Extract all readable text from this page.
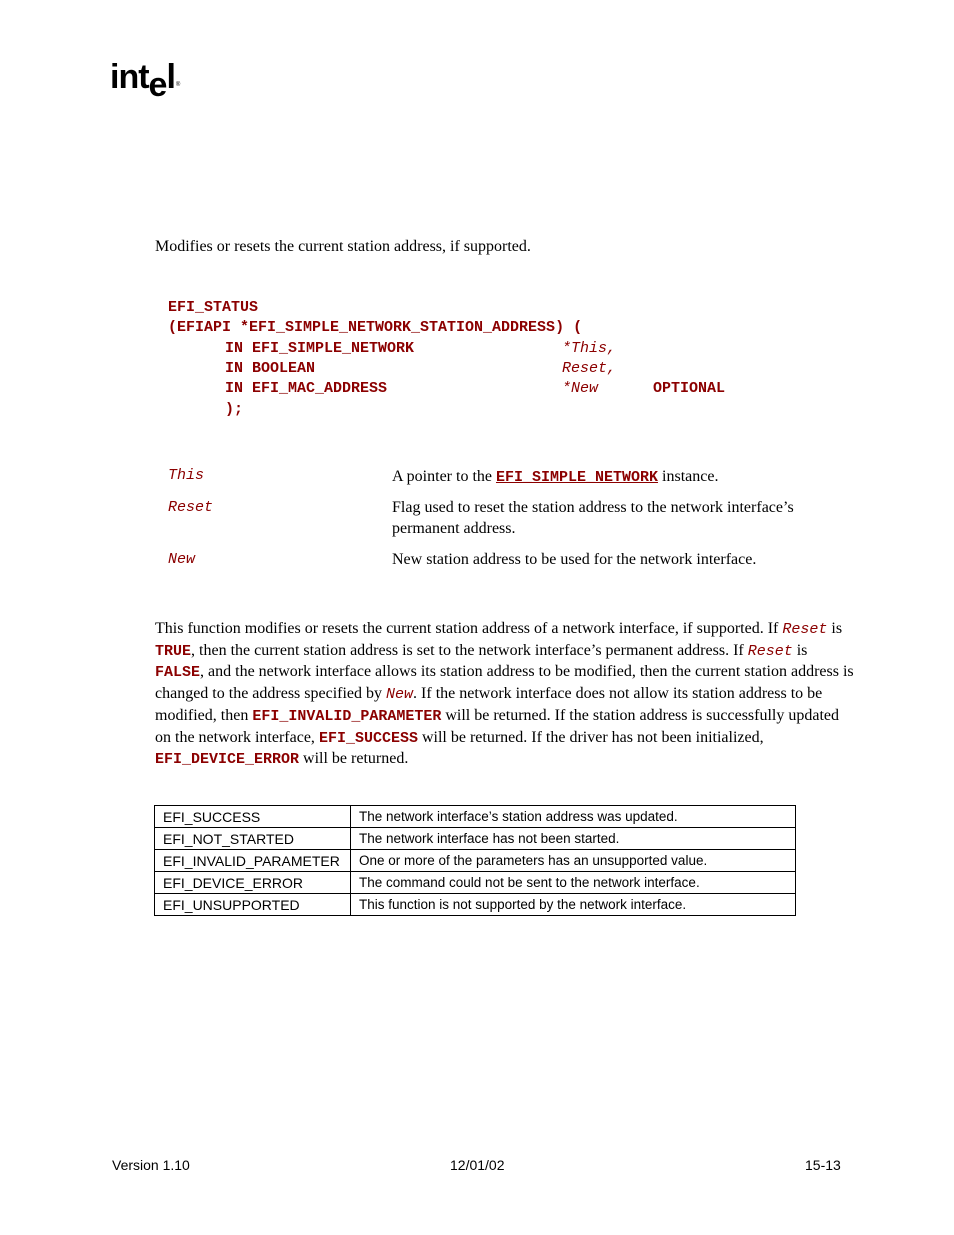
intel®
Modifies or resets the current station address, if supported.
EFI_STATUS
(EFIAPI *EFI_SIMPLE_NETWORK_STATION_ADDRESS) (
IN EFI_SIMPLE_NETWORK	*This,
IN BOOLEAN	Reset,
IN EFI_MAC_ADDRESS	*New	OPTIONAL
);
This	A pointer to the EFI_SIMPLE_NETWORK instance.
Reset	Flag used to reset the station address to the network interface’s permanent address.
New	New station address to be used for the network interface.
This function modifies or resets the current station address of a network interface, if supported. If Reset is TRUE, then the current station address is set to the network interface’s permanent address. If Reset is FALSE, and the network interface allows its station address to be modified, then the current station address is changed to the address specified by New. If the network interface does not allow its station address to be modified, then EFI_INVALID_PARAMETER will be returned. If the station address is successfully updated on the network interface, EFI_SUCCESS will be returned. If the driver has not been initialized, EFI_DEVICE_ERROR will be returned.
EFI_SUCCESS	The network interface’s station address was updated.
EFI_NOT_STARTED	The network interface has not been started.
EFI_INVALID_PARAMETER	One or more of the parameters has an unsupported value.
EFI_DEVICE_ERROR	The command could not be sent to the network interface.
EFI_UNSUPPORTED	This function is not supported by the network interface.
Version 1.10	12/01/02	15-13
